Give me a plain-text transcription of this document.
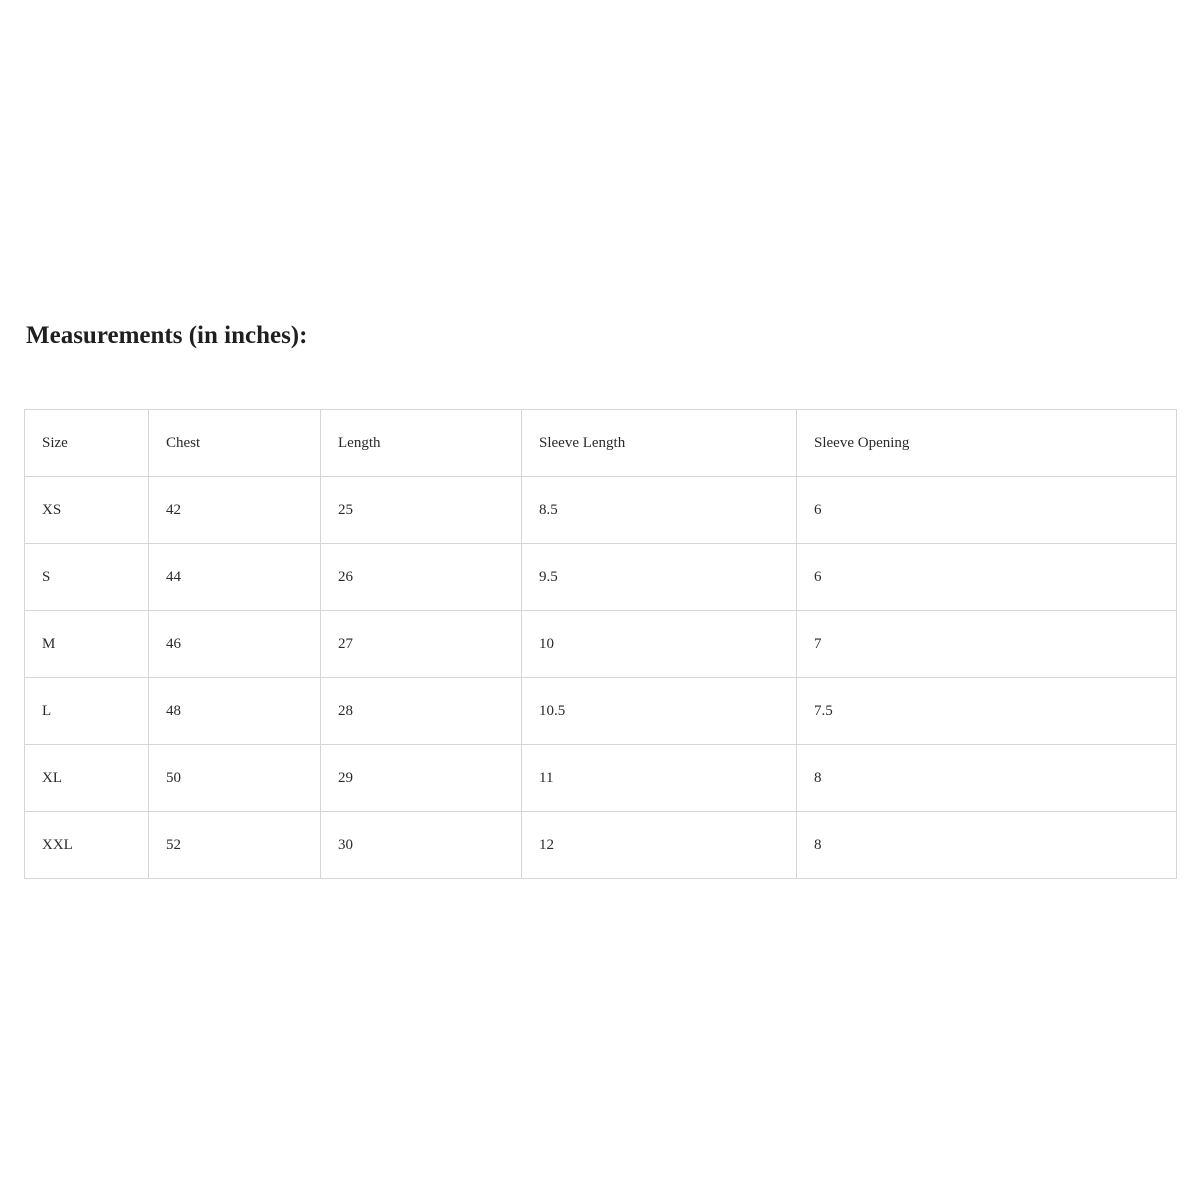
Measurements (in inches):
Size	Chest	Length	Sleeve Length	Sleeve Opening
XS	42	25	8.5	6
S	44	26	9.5	6
M	46	27	10	7
L	48	28	10.5	7.5
XL	50	29	11	8
XXL	52	30	12	8
